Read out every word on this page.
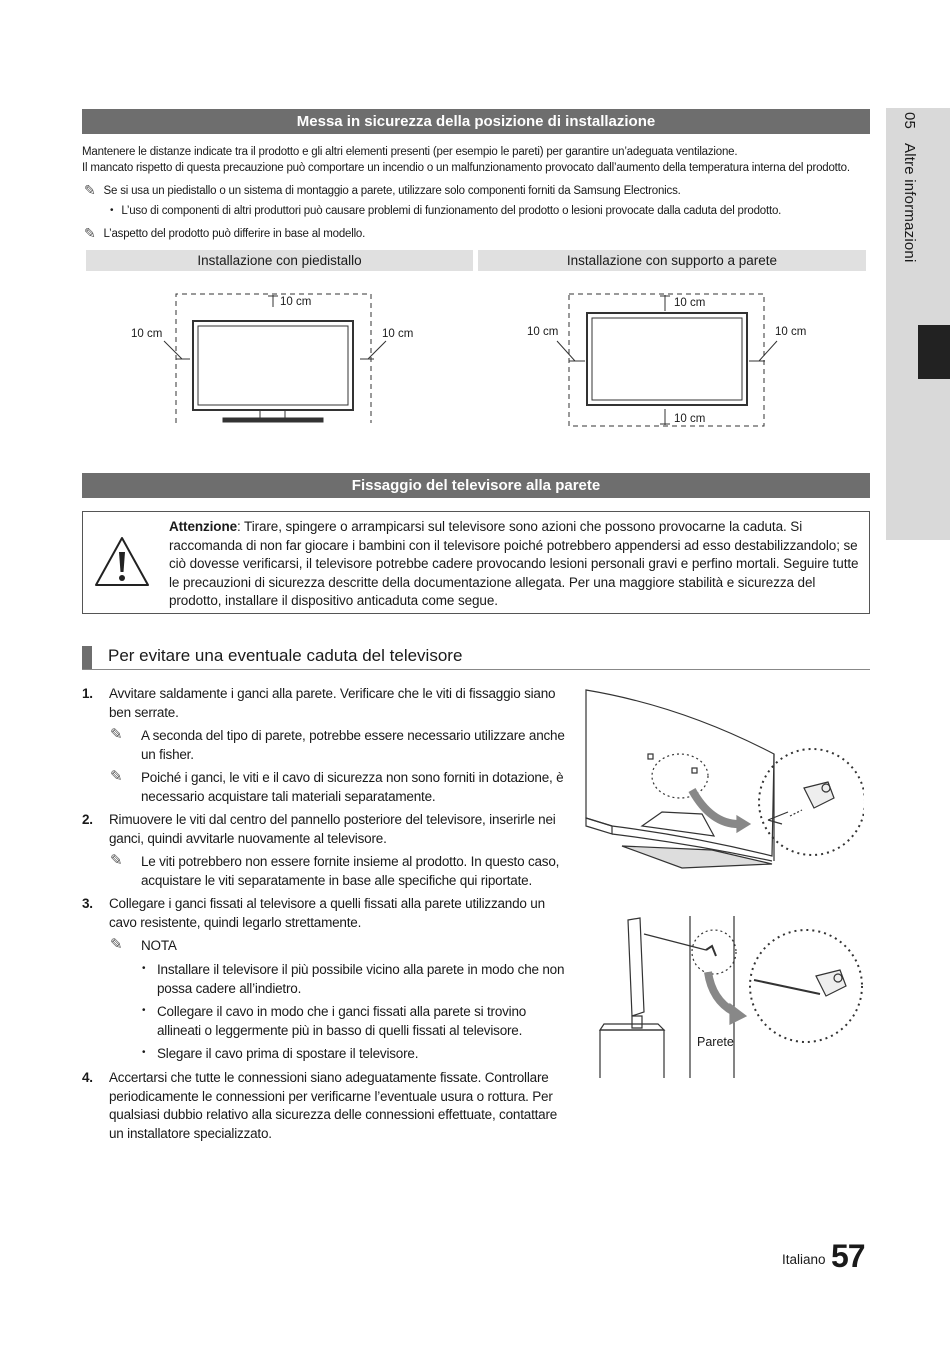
05
Altre informazioni
Messa in sicurezza della posizione di installazione
Mantenere le distanze indicate tra il prodotto e gli altri elementi presenti (per esempio le pareti) per garantire un’adeguata ventilazione.
Il mancato rispetto di questa precauzione può comportare un incendio o un malfunzionamento provocato dall’aumento della temperatura interna del prodotto.
✎ Se si usa un piedistallo o un sistema di montaggio a parete, utilizzare solo componenti forniti da Samsung Electronics.
• L’uso di componenti di altri produttori può causare problemi di funzionamento del prodotto o lesioni provocate dalla caduta del prodotto.
✎ L’aspetto del prodotto può differire in base al modello.
Installazione con piedistallo	Installazione con supporto a parete
10 cm
10 cm	10 cm
10 cm
10 cm	10 cm
10 cm
Fissaggio del televisore alla parete
Attenzione: Tirare, spingere o arrampicarsi sul televisore sono azioni che possono provocarne la caduta. Si raccomanda di non far giocare i bambini con il televisore poiché potrebbero appendersi ad esso destabilizzandolo; se ciò dovesse verificarsi, il televisore potrebbe cadere provocando lesioni personali gravi e perfino mortali. Seguire tutte le precauzioni di sicurezza descritte della documentazione allegata. Per una maggiore stabilità e sicurezza del prodotto, installare il dispositivo anticaduta come segue.
Per evitare una eventuale caduta del televisore
1. Avvitare saldamente i ganci alla parete. Verificare che le viti di fissaggio siano ben serrate.
✎ A seconda del tipo di parete, potrebbe essere necessario utilizzare anche un fisher.
✎ Poiché i ganci, le viti e il cavo di sicurezza non sono forniti in dotazione, è necessario acquistare tali materiali separatamente.
2. Rimuovere le viti dal centro del pannello posteriore del televisore, inserirle nei ganci, quindi avvitarle nuovamente al televisore.
✎ Le viti potrebbero non essere fornite insieme al prodotto. In questo caso, acquistare le viti separatamente in base alle specifiche qui riportate.
3. Collegare i ganci fissati al televisore a quelli fissati alla parete utilizzando un cavo resistente, quindi legarlo strettamente.
✎ NOTA
• Installare il televisore il più possibile vicino alla parete in modo che non possa cadere all’indietro.
• Collegare il cavo in modo che i ganci fissati alla parete si trovino allineati o leggermente più in basso di quelli fissati al televisore.
• Slegare il cavo prima di spostare il televisore.
4. Accertarsi che tutte le connessioni siano adeguatamente fissate. Controllare periodicamente le connessioni per verificarne l’eventuale usura o rottura. Per qualsiasi dubbio relativo alla sicurezza delle connessioni effettuate, contattare un installatore specializzato.
Parete
Italiano 57
